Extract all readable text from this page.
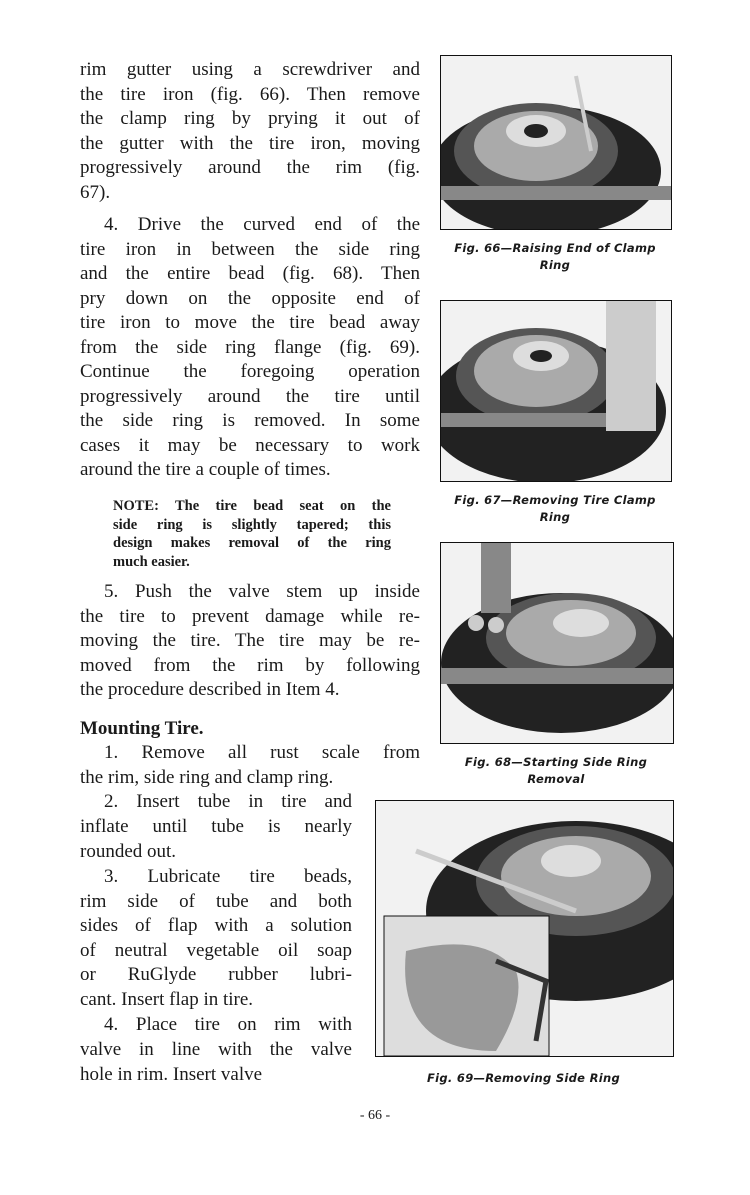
rim gutter using a screwdriver and
the tire iron (fig. 66). Then remove
the clamp ring by prying it out of
the gutter with the tire iron, moving
progressively around the rim (fig.
67).
4. Drive the curved end of the
tire iron in between the side ring
and the entire bead (fig. 68). Then
pry down on the opposite end of
tire iron to move the tire bead away
from the side ring flange (fig. 69).
Continue the foregoing operation
progressively around the tire until
the side ring is removed. In some
cases it may be necessary to work
around the tire a couple of times.
5. Push the valve stem up inside
the tire to prevent damage while re-
moving the tire. The tire may be re-
moved from the rim by following
the procedure described in Item 4.
1. Remove all rust scale from
the rim, side ring and clamp ring.
2. Insert tube in tire and
inflate until tube is nearly
rounded out.
3. Lubricate tire beads,
rim side of tube and both
sides of flap with a solution
of neutral vegetable oil soap
or RuGlyde rubber lubri-
cant. Insert flap in tire.
4. Place tire on rim with
valve in line with the valve
hole in rim. Insert valve
NOTE: The tire bead seat on the
side ring is slightly tapered; this
design makes removal of the ring
much easier.
Mounting Tire.
Fig. 66—Raising End of Clamp
Ring
Fig. 67—Removing Tire Clamp
Ring
Fig. 68—Starting Side Ring
Removal
Fig. 69—Removing Side Ring
- 66 -
